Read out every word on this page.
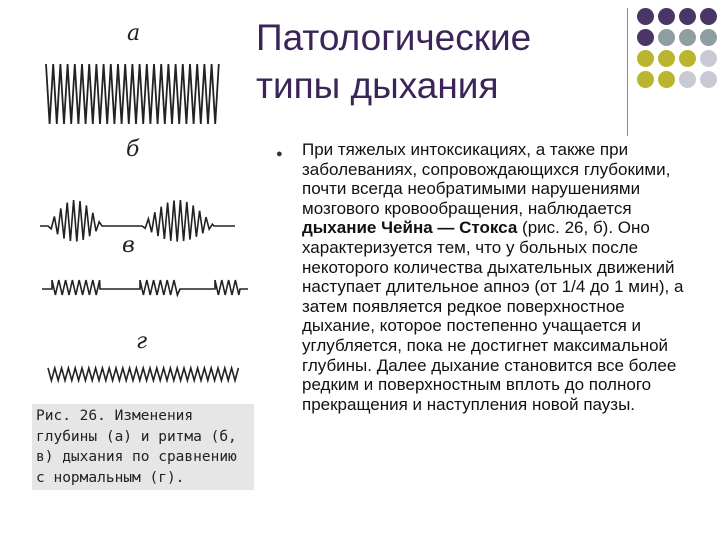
Патологические
типы дыхания
а
б
в
г
Рис. 26. Изменения глубины (а) и ритма (б, в) дыхания по сравнению с нормальным (г).
● При тяжелых интоксикациях, а также при заболеваниях, сопровождающихся глубокими, почти всегда необратимыми нарушениями мозгового кровообращения, наблюдается дыхание Чейна — Стокса (рис. 26, б). Оно характеризуется тем, что у больных после некоторого количества дыхательных движений наступает длительное апноэ (от 1/4 до 1 мин), а затем появляется редкое поверхностное дыхание, которое постепенно учащается и углубляется, пока не достигнет максимальной глубины. Далее дыхание становится все более редким и поверхностным вплоть до полного прекращения и наступления новой паузы.
